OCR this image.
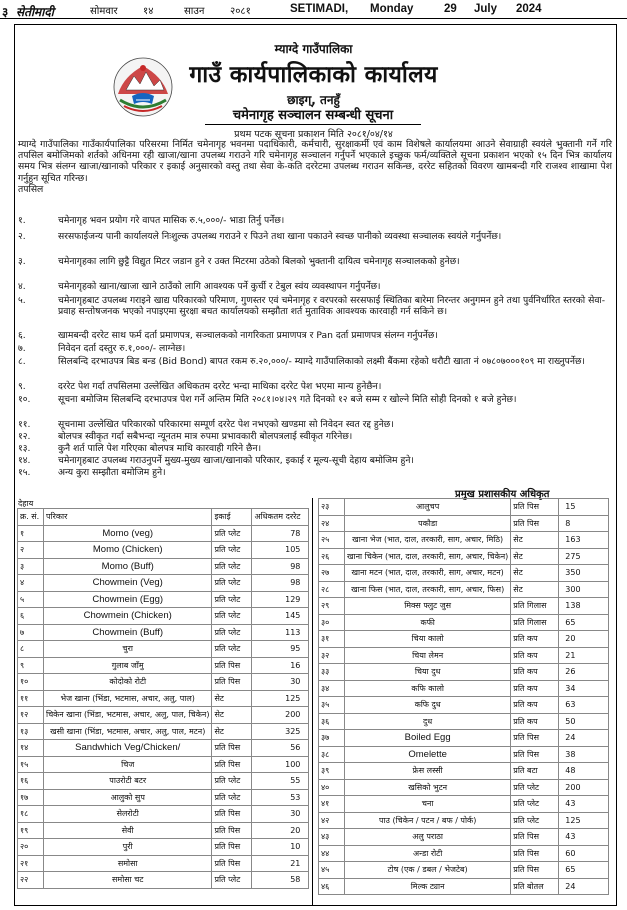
३ सेतीमादी	सोमवार	१४	साउन	२०८१	SETIMADI, Monday	29 July 2024
म्याग्दे गाउँपालिका
गाउँ कार्यपालिकाको कार्यालय
छाइग्, तनहुँ
चमेनागृह सञ्चालन सम्बन्धी सूचना
प्रथम पटक सूचना प्रकाशन मिति २०८१/०४/१४
म्याग्दे गाउँपालिका गाउँकार्यपालिका परिसरमा निर्मित चमेनागृह भवनमा पदाधिकारी, कर्मचारी, सुरक्षाकर्मी एवं काम विशेषले कार्यालयमा आउने सेवाग्राही स्वयंले भुक्तानी गर्ने गरि तपसिल बमोजिमको शर्तको अधिनमा रही खाजा/खाना उपलब्ध गराउने गरि चमेनागृह सञ्चालन गर्नुपर्ने भएकाले इच्छुक फर्म/व्यक्तिले सूचना प्रकाशन भएको १५ दिन भित्र कार्यालय समय भित्र संलग्न खाजा/खानाको परिकार र इकाई अनुसारको वस्तु तथा सेवा के-कति दररेटमा उपलब्ध गराउन सकिन्छ, दररेट सहितको विवरण खामबन्दी गरि राजश्व शाखामा पेश गर्नुहुन सूचित गरिन्छ।
तपसिल
१.	चमेनागृह भवन प्रयोग गरे वापत मासिक रु.५,०००/- भाडा तिर्नु पर्नेछ।
२.	सरसफाईजन्य पानी कार्यालयले निःशुल्क उपलब्ध गराउने र पिउने तथा खाना पकाउने स्वच्छ पानीको व्यवस्था सञ्चालक स्वयंले गर्नुपर्नेछ।
३.	चमेनागृहका लागि छुट्टै विद्युत मिटर जडान हुने र उक्त मिटरमा उठेको बिलको भुक्तानी दायित्व चमेनागृह सञ्चालकको हुनेछ।
४.	चमेनागृहको खाना/खाजा खाने ठाउँको लागि आवश्यक पर्ने कुर्ची र टेबुल स्वंय व्यवस्थापन गर्नुपर्नेछ।
५.	चमेनागृहबाट उपलब्ध गराइने खाद्य परिकारको परिमाण, गुणस्तर एवं चमेनागृह र वरपरको सरसफाई स्थितिका बारेमा निरन्तर अनुगमन हुने तथा पुर्वनिर्धारित स्तरको सेवा-प्रवाह सन्तोषजनक भएको नपाइएमा सुरक्षा बचत कार्यालयको सम्झौता शर्त मुताविक आवश्यक कारवाही गर्न सकिने छ।
६.	खामबन्दी दररेट साथ फर्म दर्ता प्रमाणपत्र, सञ्चालकको नागरिकता प्रमाणपत्र र Pan दर्ता प्रमाणपत्र संलग्न गर्नुपर्नेछ।
७.	निवेदन दर्ता दस्तुर रु.१,०००/- लाग्नेछ।
८.	सिलबन्दि दरभाउपत्र बिड बन्ड (Bid Bond) बापत रकम रु.२०,०००/- म्याग्दे गाउँपालिकाको लक्ष्मी बैंकमा रहेको धरौटी खाता नं ०७८०७०००१०९ मा राख्नुपर्नेछ।
९.	दररेट पेश गर्दा तपसिलमा उल्लेखित अधिकतम दररेट भन्दा माथिका दररेट पेश भएमा मान्य हुनेछैन।
१०.	सूचना बमोजिम सिलबन्दि दरभाउपत्र पेश गर्ने अन्तिम मिति २०८१।०४।२९ गते दिनको १२ बजे सम्म र खोल्ने मिति सोही दिनको १ बजे हुनेछ।
११.	सूचनामा उल्लेखित परिकारको परिकारमा सम्पूर्ण दररेट पेश नभएको खण्डमा सो निवेदन स्वत रद्द हुनेछ।
१२.	बोलपत्र स्वीकृत गर्दा सबैभन्दा न्यूनतम मात्र रुपमा प्रभावकारी बोलपत्रलाई स्वीकृत गरिनेछ।
१३.	कुनै शर्त पालि पेश गरिएका बोलपत्र माथि कारवाही गरिने छैन।
१४.	चमेनागृहबाट उपलब्ध गराउनुपर्ने मुख्य-मुख्य खाजा/खानाको परिकार, इकाई र मूल्य-सूची देहाय बमोजिम हुने।
१५.	अन्य कुरा सम्झौता बमोजिम हुने।
प्रमुख प्रशासकीय अधिकृत
देहाय
क्र. सं.	परिकार	इकाई	अधिकतम दररेट
१	Momo (veg)	प्रति प्लेट	78
२	Momo (Chicken)	प्रति प्लेट	105
३	Momo (Buff)	प्रति प्लेट	98
४	Chowmein (Veg)	प्रति प्लेट	98
५	Chowmein (Egg)	प्रति प्लेट	129
६	Chowmein (Chicken)	प्रति प्लेट	145
७	Chowmein (Buff)	प्रति प्लेट	113
८	चुरा	प्रति प्लेट	95
९	गुलाब जाँमु	प्रति पिस	16
१०	कोदोको रोटी	प्रति पिस	30
११	भेज खाना (भिंडा, भटमास, अचार, अलु, पाल)	सेट	125
१२	चिकेन खाना (भिंडा, भटमास, अचार, अलु, पाल, चिकेन)	सेट	200
१३	खसी खाना (भिंडा, भटमास, अचार, अलु, पाल, मटन)	सेट	325
१४	Sandwhich Veg/Chicken/	प्रति पिस	56
१५	चिज	प्रति पिस	100
१६	पाउरोटी बटर	प्रति प्लेट	55
१७	आलुको सुप	प्रति प्लेट	53
१८	सेलरोटी	प्रति पिस	30
१९	सेवी	प्रति पिस	20
२०	पुरी	प्रति पिस	10
२१	समोसा	प्रति पिस	21
२२	समोसा चट	प्रति प्लेट	58
२३	आलुचप	प्रति पिस	15
२४	पकौडा	प्रति पिस	8
२५	खाना भेज (भात, दाल, तरकारी, साग, अचार, मिठि)	सेट	163
२६	खाना चिकेन (भात, दाल, तरकारी, साग, अचार, चिकेन)	सेट	275
२७	खाना मटन (भात, दाल, तरकारी, साग, अचार, मटन)	सेट	350
२८	खाना फिस (भात, दाल, तरकारी, साग, अचार, फिस)	सेट	300
२९	मिक्स फ्लुट जुस	प्रति गिलास	138
३०	कफी	प्रति गिलास	65
३१	चिया कालो	प्रति कप	20
३२	चिया लेमन	प्रति कप	21
३३	चिया दुध	प्रति कप	26
३४	कफि कालो	प्रति कप	34
३५	कफि दुध	प्रति कप	63
३६	दुध	प्रति कप	50
३७	Boiled Egg	प्रति पिस	24
३८	Omelette	प्रति पिस	38
३९	फ्रेस लस्सी	प्रति बटा	48
४०	खसिको भुटन	प्रति प्लेट	200
४१	चना	प्रति प्लेट	43
४२	पाउ (चिकेन / पटन / बफ / पोर्क)	प्रति प्लेट	125
४३	अलु पराठा	प्रति पिस	43
४४	अन्डा रोटी	प्रति पिस	60
४५	टोष (एक / डबल / भेजटेब)	प्रति पिस	65
४६	मिल्क ट्यान	प्रति बोतल	24
